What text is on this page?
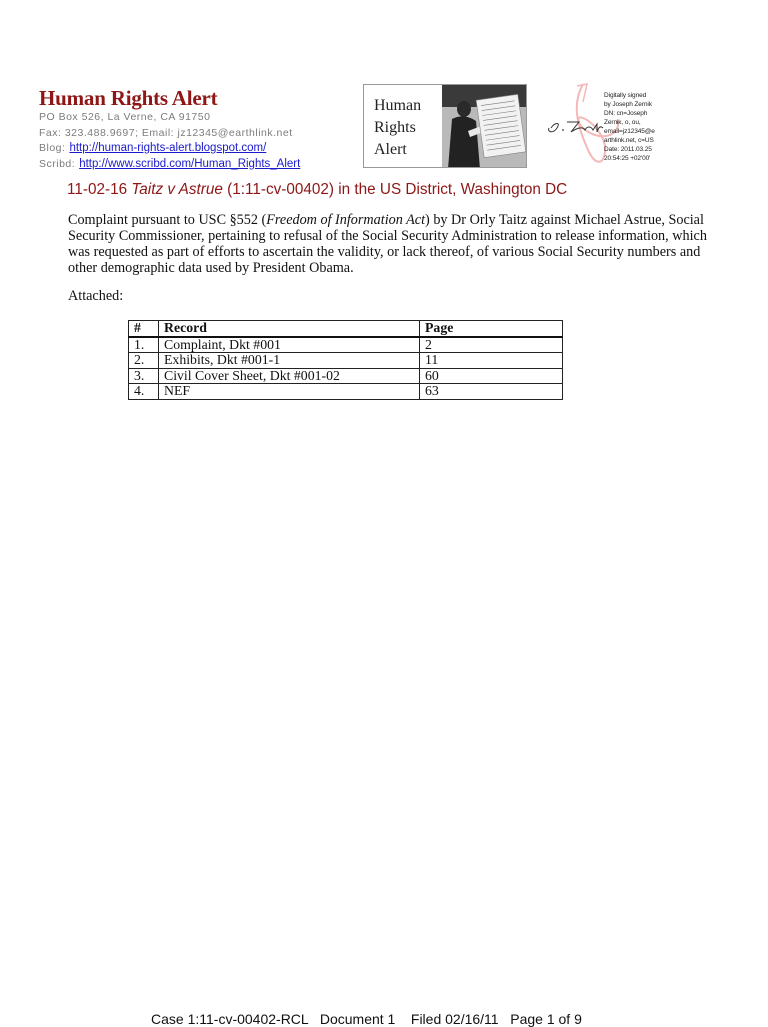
Human Rights Alert
PO Box 526, La Verne, CA 91750
Fax: 323.488.9697; Email: jz12345@earthlink.net
Blog: http://human-rights-alert.blogspot.com/
Scribd: http://www.scribd.com/Human_Rights_Alert
Human
Rights
Alert
Digitally signed
by Joseph Zernik
DN: cn=Joseph
Zernik, o, ou,
email=jz12345@e
arthlink.net, c=US
Date: 2011.03.25
20:54:25 +02'00'
11-02-16 Taitz v Astrue (1:11-cv-00402) in the US District, Washington DC

Complaint pursuant to USC §552 (Freedom of Information Act) by Dr Orly Taitz against Michael Astrue, Social Security Commissioner, pertaining to refusal of the Social Security Administration to release information, which was requested as part of efforts to ascertain the validity, or lack thereof, of various Social Security numbers and other demographic data used by President Obama.

Attached:

#	Record	Page
1.	Complaint, Dkt #001	2
2.	Exhibits, Dkt #001-1	11
3.	Civil Cover Sheet, Dkt #001-02	60
4.	NEF	63
Case 1:11-cv-00402-RCL   Document 1    Filed 02/16/11   Page 1 of 9
